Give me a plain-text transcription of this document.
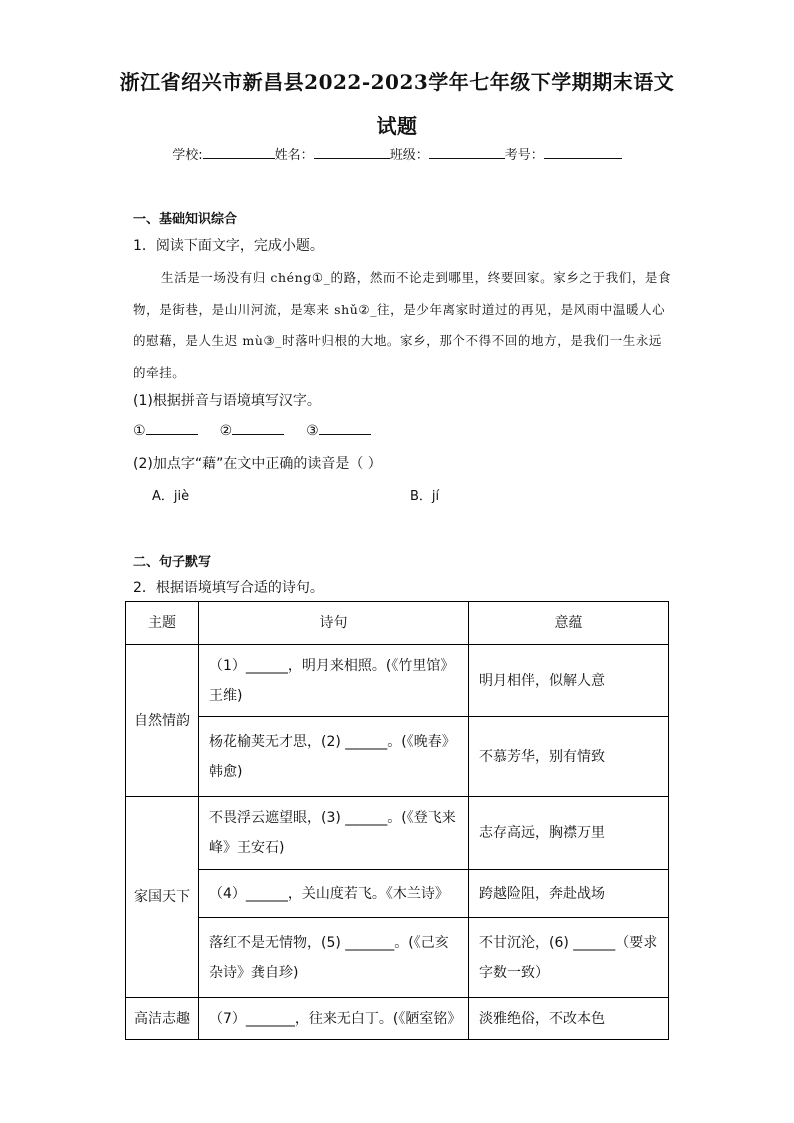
浙江省绍兴市新昌县2022-2023学年七年级下学期期末语文
试题
学校:	姓名：	班级：	考号：
一、基础知识综合
1．阅读下面文字，完成小题。
生活是一场没有归 chéng①_的路，然而不论走到哪里，终要回家。家乡之于我们，是食物，是街巷，是山川河流，是寒来 shǔ②_往，是少年离家时道过的再见，是风雨中温暖人心的慰藉，是人生迟 mù③_时落叶归根的大地。家乡，那个不得不回的地方，是我们一生永远的牵挂。
(1)根据拼音与语境填写汉字。
①	②	③
(2)加点字“藉”在文中正确的读音是（ ）
A．jiè	B．jí
二、句子默写
2．根据语境填写合适的诗句。
主题	诗句	意蕴
自然情韵	（1）______，明月来相照。(《竹里馆》王维)	明月相伴，似解人意
	杨花榆荚无才思，(2) ______。(《晚春》韩愈)	不慕芳华，别有情致
家国天下	不畏浮云遮望眼，(3) ______。(《登飞来峰》王安石)	志存高远，胸襟万里
	（4）______，关山度若飞。《木兰诗》	跨越险阻，奔赴战场
	落红不是无情物，(5) _______。(《己亥杂诗》龚自珍)	不甘沉沦，(6) ______（要求字数一致）
高洁志趣	（7）_______，往来无白丁。(《陋室铭》	淡雅绝俗，不改本色
